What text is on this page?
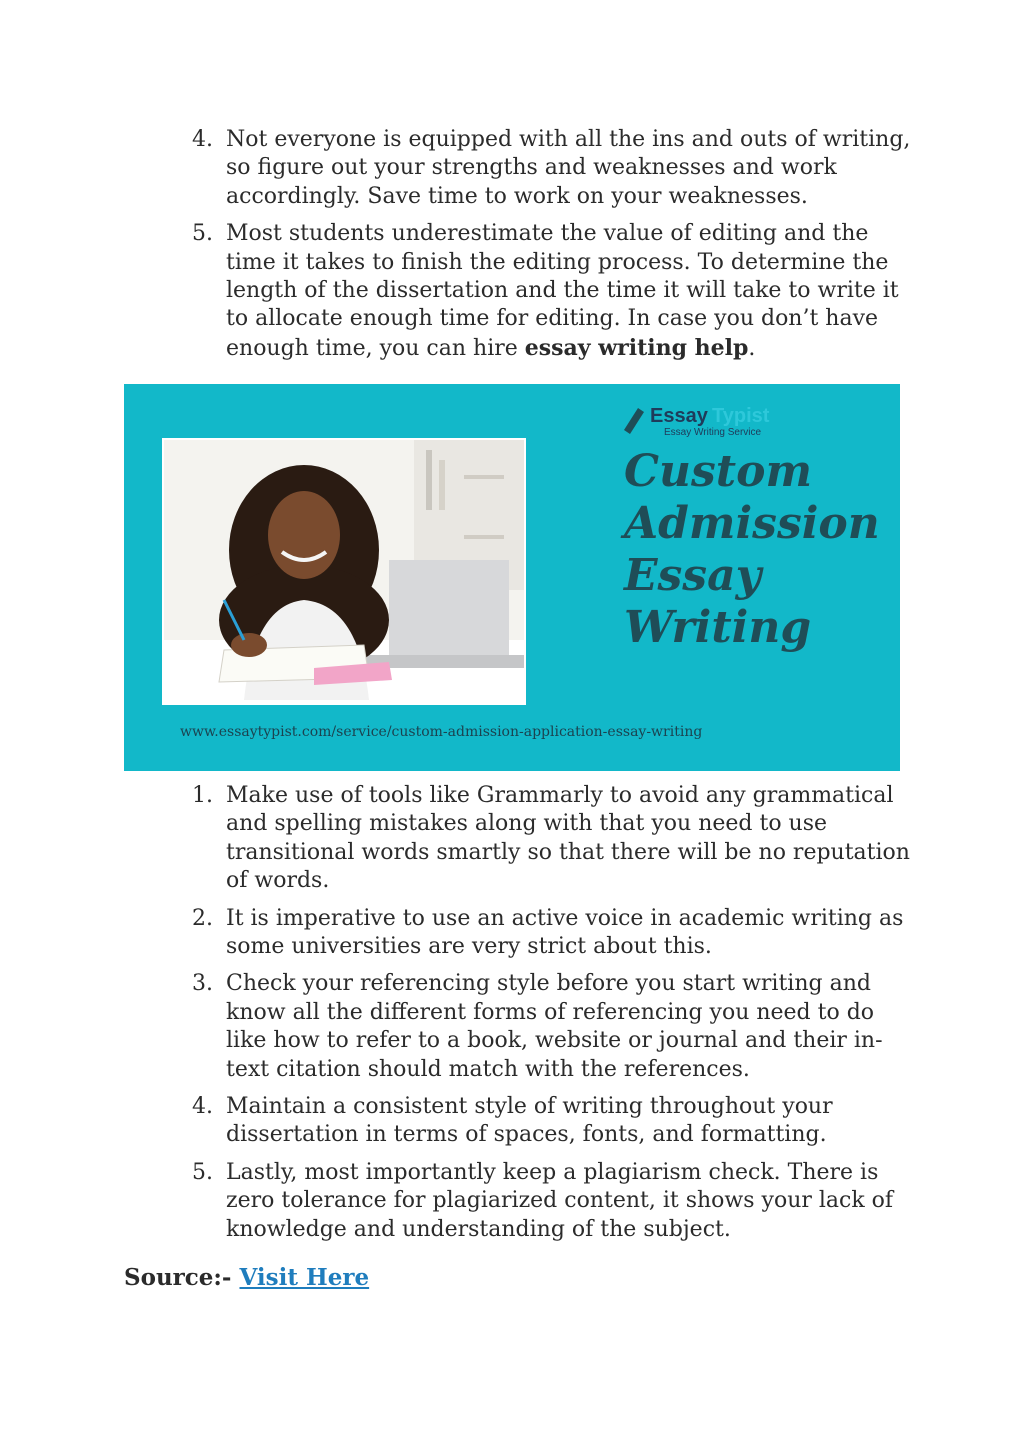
4. Not everyone is equipped with all the ins and outs of writing, so figure out your strengths and weaknesses and work accordingly. Save time to work on your weaknesses.
5. Most students underestimate the value of editing and the time it takes to finish the editing process. To determine the length of the dissertation and the time it will take to write it to allocate enough time for editing. In case you don’t have enough time, you can hire essay writing help.
Essay Typist
Essay Writing Service
Custom
Admission
Essay
Writing
www.essaytypist.com/service/custom-admission-application-essay-writing
1. Make use of tools like Grammarly to avoid any grammatical and spelling mistakes along with that you need to use transitional words smartly so that there will be no reputation of words.
2. It is imperative to use an active voice in academic writing as some universities are very strict about this.
3. Check your referencing style before you start writing and know all the different forms of referencing you need to do like how to refer to a book, website or journal and their in-text citation should match with the references.
4. Maintain a consistent style of writing throughout your dissertation in terms of spaces, fonts, and formatting.
5. Lastly, most importantly keep a plagiarism check. There is zero tolerance for plagiarized content, it shows your lack of knowledge and understanding of the subject.
Source:- Visit Here
